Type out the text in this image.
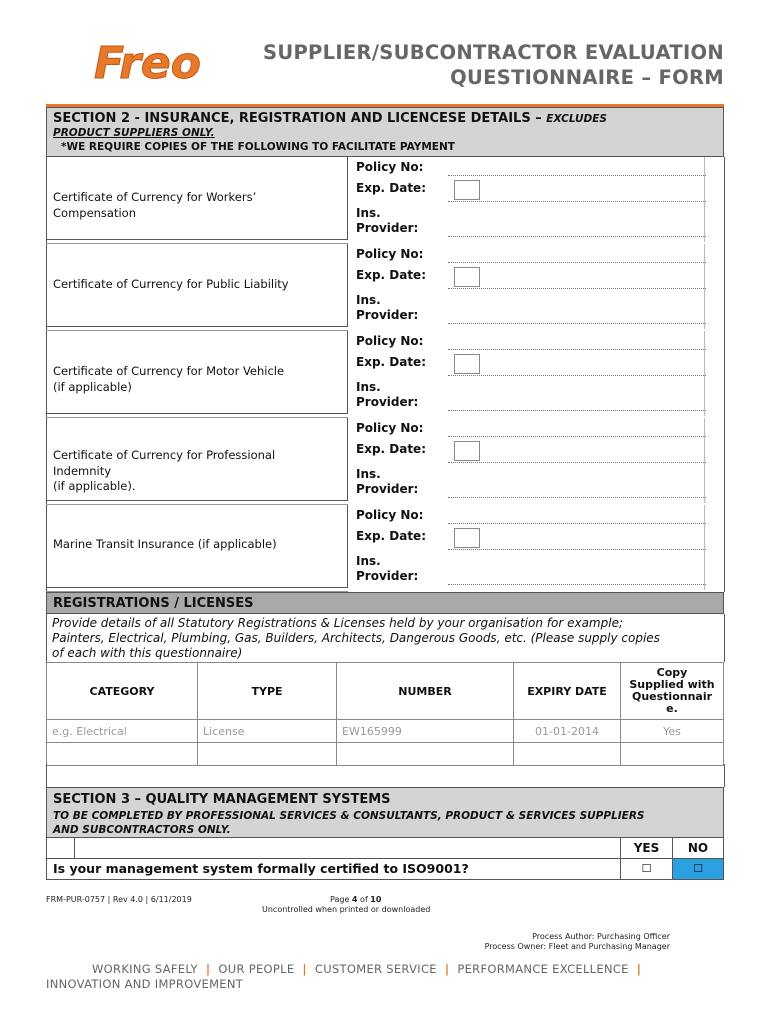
Freo	SUPPLIER/SUBCONTRACTOR EVALUATION
QUESTIONNAIRE – FORM
SECTION 2 - INSURANCE, REGISTRATION AND LICENCESE DETAILS – EXCLUDES
PRODUCT SUPPLIERS ONLY.
*WE REQUIRE COPIES OF THE FOLLOWING TO FACILITATE PAYMENT
Certificate of Currency for Workers’
Compensation
Policy No:
Exp. Date:
Ins.
Provider:
Certificate of Currency for Public Liability
Policy No:
Exp. Date:
Ins.
Provider:
Certificate of Currency for Motor Vehicle
(if applicable)
Policy No:
Exp. Date:
Ins.
Provider:
Certificate of Currency for Professional
Indemnity
(if applicable).
Policy No:
Exp. Date:
Ins.
Provider:
Marine Transit Insurance (if applicable)
Policy No:
Exp. Date:
Ins.
Provider:
REGISTRATIONS / LICENSES
Provide details of all Statutory Registrations & Licenses held by your organisation for example;
Painters, Electrical, Plumbing, Gas, Builders, Architects, Dangerous Goods, etc. (Please supply copies
of each with this questionnaire)
CATEGORY	TYPE	NUMBER	EXPIRY DATE	Copy
Supplied with
Questionnair
e.

e.g. Electrical	License	EW165999	01-01-2014	Yes

SECTION 3 – QUALITY MANAGEMENT SYSTEMS
TO BE COMPLETED BY PROFESSIONAL SERVICES & CONSULTANTS, PRODUCT & SERVICES SUPPLIERS
AND SUBCONTRACTORS ONLY.
YES	NO
Is your management system formally certified to ISO9001?	☐	☐
FRM-PUR-0757 | Rev 4.0 | 6/11/2019	Page 4 of 10
Uncontrolled when printed or downloaded
Process Author: Purchasing Officer
Process Owner: Fleet and Purchasing Manager
WORKING SAFELY | OUR PEOPLE | CUSTOMER SERVICE | PERFORMANCE EXCELLENCE |
INNOVATION AND IMPROVEMENT
